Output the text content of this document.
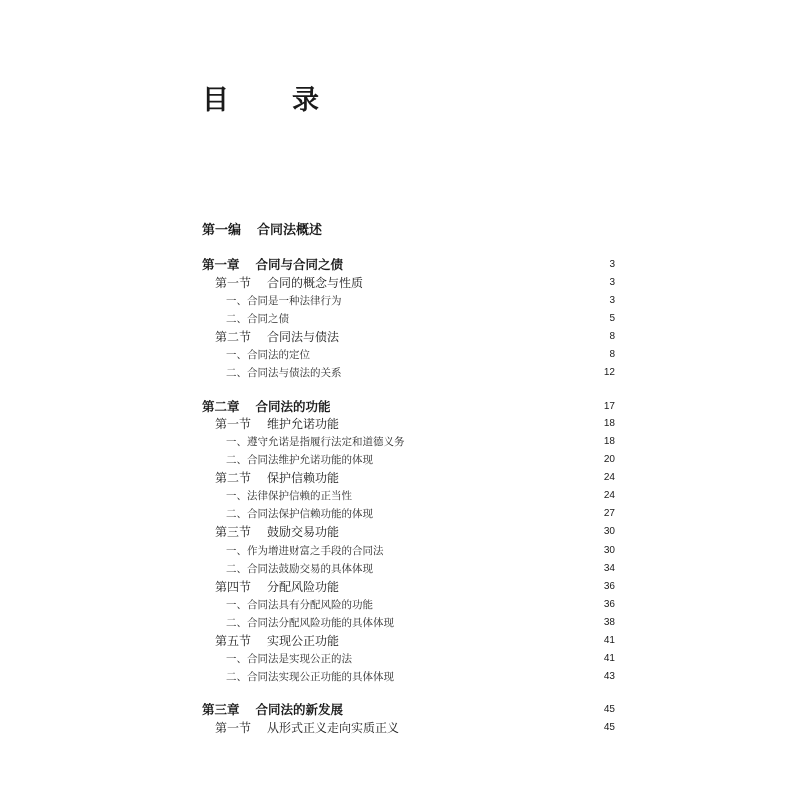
目　录
第一编 合同法概述
第一章 合同与合同之债	3
第一节 合同的概念与性质	3
一、合同是一种法律行为	3
二、合同之债	5
第二节 合同法与债法	8
一、合同法的定位	8
二、合同法与债法的关系	12
第二章 合同法的功能	17
第一节 维护允诺功能	18
一、遵守允诺是指履行法定和道德义务	18
二、合同法维护允诺功能的体现	20
第二节 保护信赖功能	24
一、法律保护信赖的正当性	24
二、合同法保护信赖功能的体现	27
第三节 鼓励交易功能	30
一、作为增进财富之手段的合同法	30
二、合同法鼓励交易的具体体现	34
第四节 分配风险功能	36
一、合同法具有分配风险的功能	36
二、合同法分配风险功能的具体体现	38
第五节 实现公正功能	41
一、合同法是实现公正的法	41
二、合同法实现公正功能的具体体现	43
第三章 合同法的新发展	45
第一节 从形式正义走向实质正义	45
